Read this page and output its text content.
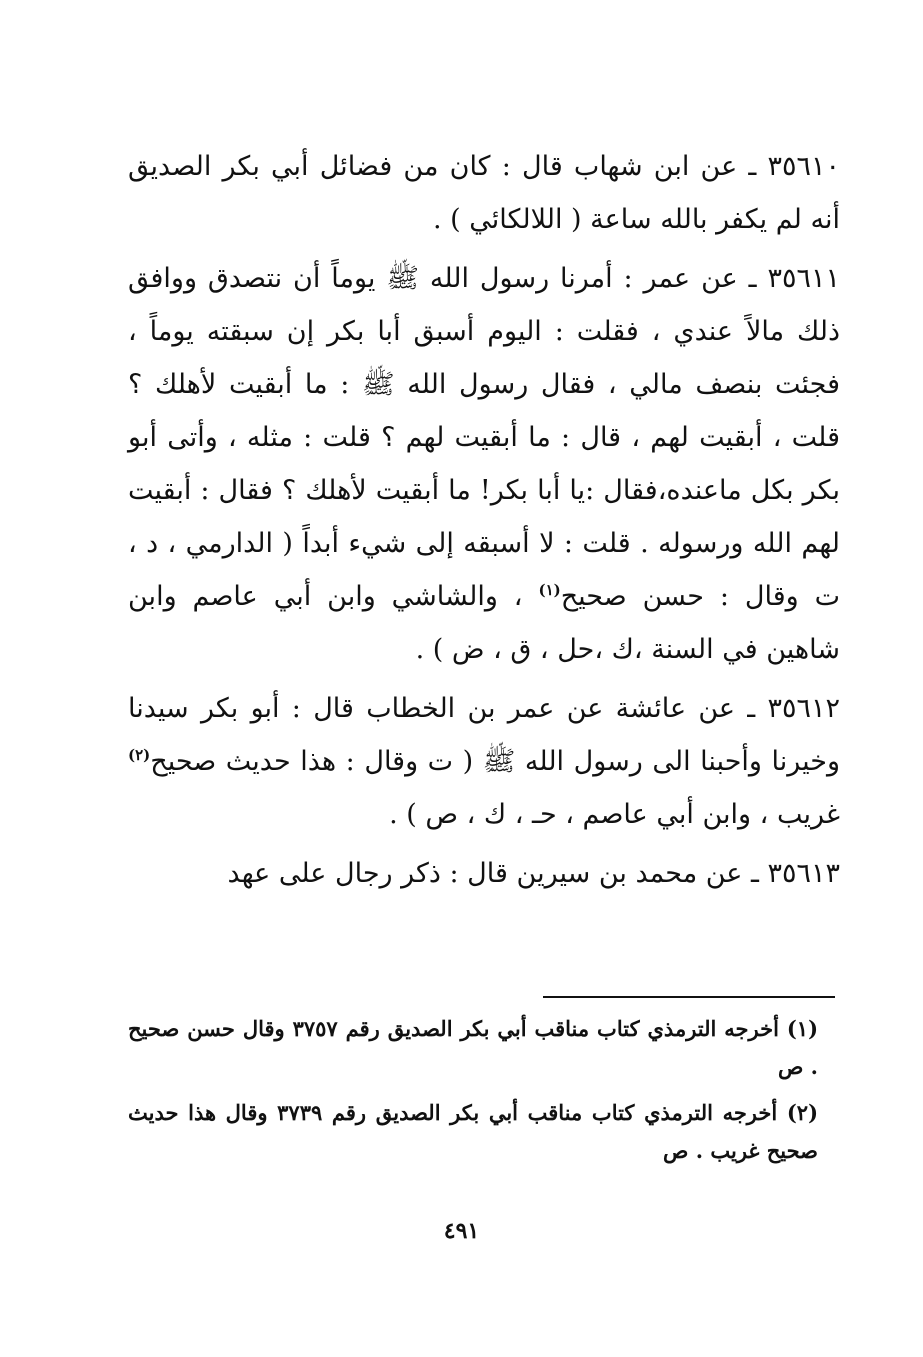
٣٥٦١٠ ـ عن ابن شهاب قال : كان من فضائل أبي بكر الصديق أنه لم يكفر بالله ساعة ( اللالكائي ) .

٣٥٦١١ ـ عن عمر : أمرنا رسول الله ﷺ يوماً أن نتصدق ووافق ذلك مالاً عندي ، فقلت : اليوم أسبق أبا بكر إن سبقته يوماً ، فجئت بنصف مالي ، فقال رسول الله ﷺ : ما أبقيت لأهلك ؟ قلت ، أبقيت لهم ، قال : ما أبقيت لهم ؟ قلت : مثله ، وأتى أبو بكر بكل ماعنده،فقال :يا أبا بكر! ما أبقيت لأهلك ؟ فقال : أبقيت لهم الله ورسوله . قلت : لا أسبقه إلى شيء أبداً ( الدارمي ، د ، ت وقال : حسن صحيح$^{(١)}$ ، والشاشي وابن أبي عاصم وابن شاهين في السنة ،ك ،حل ، ق ، ض ) .

٣٥٦١٢ ـ عن عائشة عن عمر بن الخطاب قال : أبو بكر سيدنا وخيرنا وأحبنا الى رسول الله ﷺ ( ت وقال : هذا حديث صحيح$^{(٢)}$ غريب ، وابن أبي عاصم ، حـ ، ك ، ص ) .

٣٥٦١٣ ـ عن محمد بن سيرين قال : ذكر رجال على عهد

(١) أخرجه الترمذي كتاب مناقب أبي بكر الصديق رقم ٣٧٥٧ وقال حسن صحيح . ص

(٢) أخرجه الترمذي كتاب مناقب أبي بكر الصديق رقم ٣٧٣٩ وقال هذا حديث صحيح غريب . ص

٤٩١
